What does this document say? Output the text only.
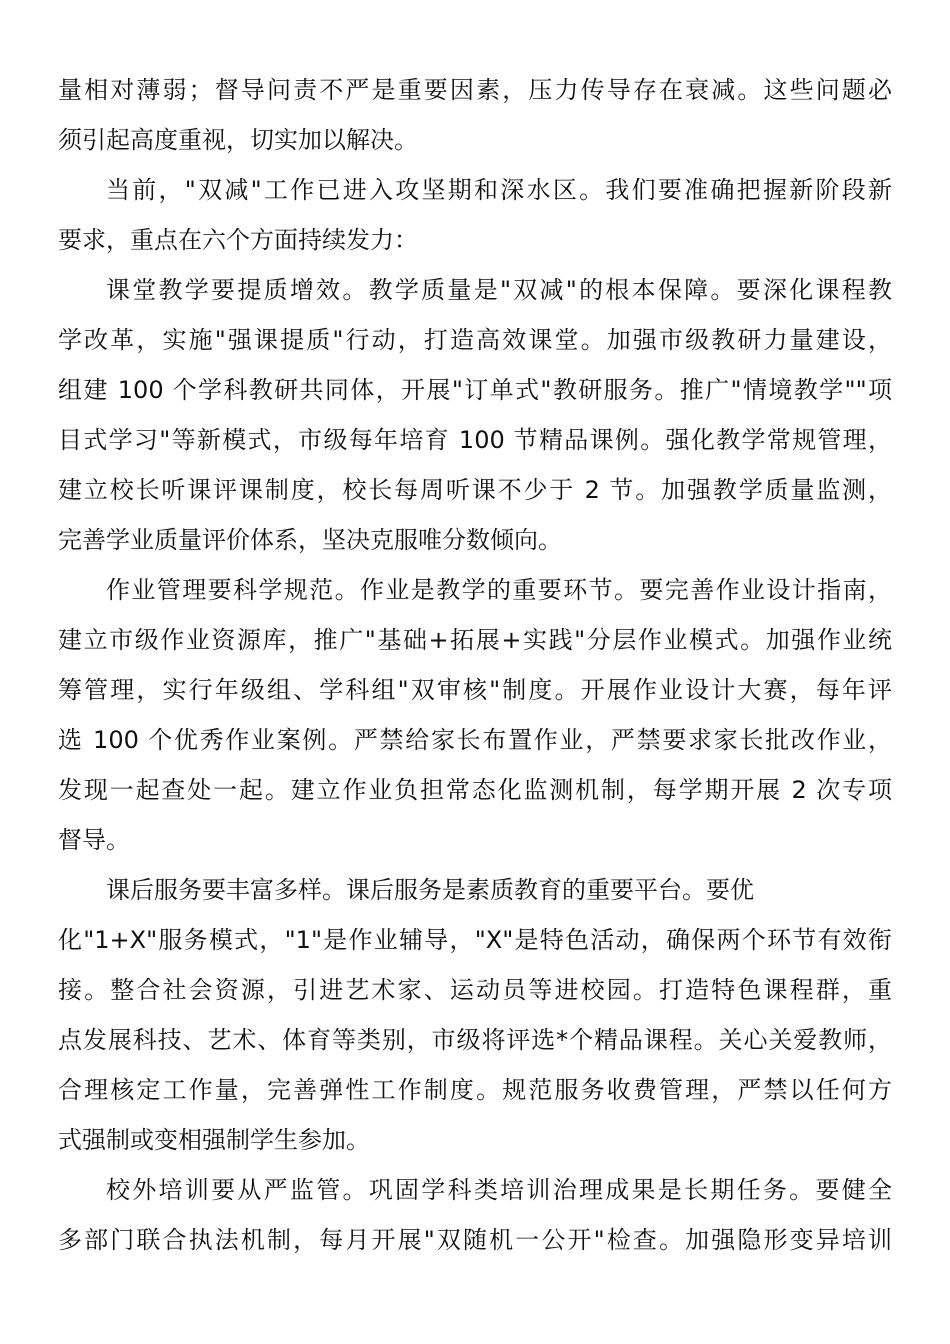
量相对薄弱；督导问责不严是重要因素，压力传导存在衰减。这些问题必
须引起高度重视，切实加以解决。
当前，"双减"工作已进入攻坚期和深水区。我们要准确把握新阶段新
要求，重点在六个方面持续发力：
课堂教学要提质增效。教学质量是"双减"的根本保障。要深化课程教
学改革，实施"强课提质"行动，打造高效课堂。加强市级教研力量建设，
组建 100 个学科教研共同体，开展"订单式"教研服务。推广"情境教学""项
目式学习"等新模式，市级每年培育 100 节精品课例。强化教学常规管理，
建立校长听课评课制度，校长每周听课不少于 2 节。加强教学质量监测，
完善学业质量评价体系，坚决克服唯分数倾向。
作业管理要科学规范。作业是教学的重要环节。要完善作业设计指南，
建立市级作业资源库，推广"基础+拓展+实践"分层作业模式。加强作业统
筹管理，实行年级组、学科组"双审核"制度。开展作业设计大赛，每年评
选 100 个优秀作业案例。严禁给家长布置作业，严禁要求家长批改作业，
发现一起查处一起。建立作业负担常态化监测机制，每学期开展 2 次专项
督导。
课后服务要丰富多样。课后服务是素质教育的重要平台。要优
化"1+X"服务模式，"1"是作业辅导，"X"是特色活动，确保两个环节有效衔
接。整合社会资源，引进艺术家、运动员等进校园。打造特色课程群，重
点发展科技、艺术、体育等类别，市级将评选*个精品课程。关心关爱教师，
合理核定工作量，完善弹性工作制度。规范服务收费管理，严禁以任何方
式强制或变相强制学生参加。
校外培训要从严监管。巩固学科类培训治理成果是长期任务。要健全
多部门联合执法机制，每月开展"双随机一公开"检查。加强隐形变异培训
